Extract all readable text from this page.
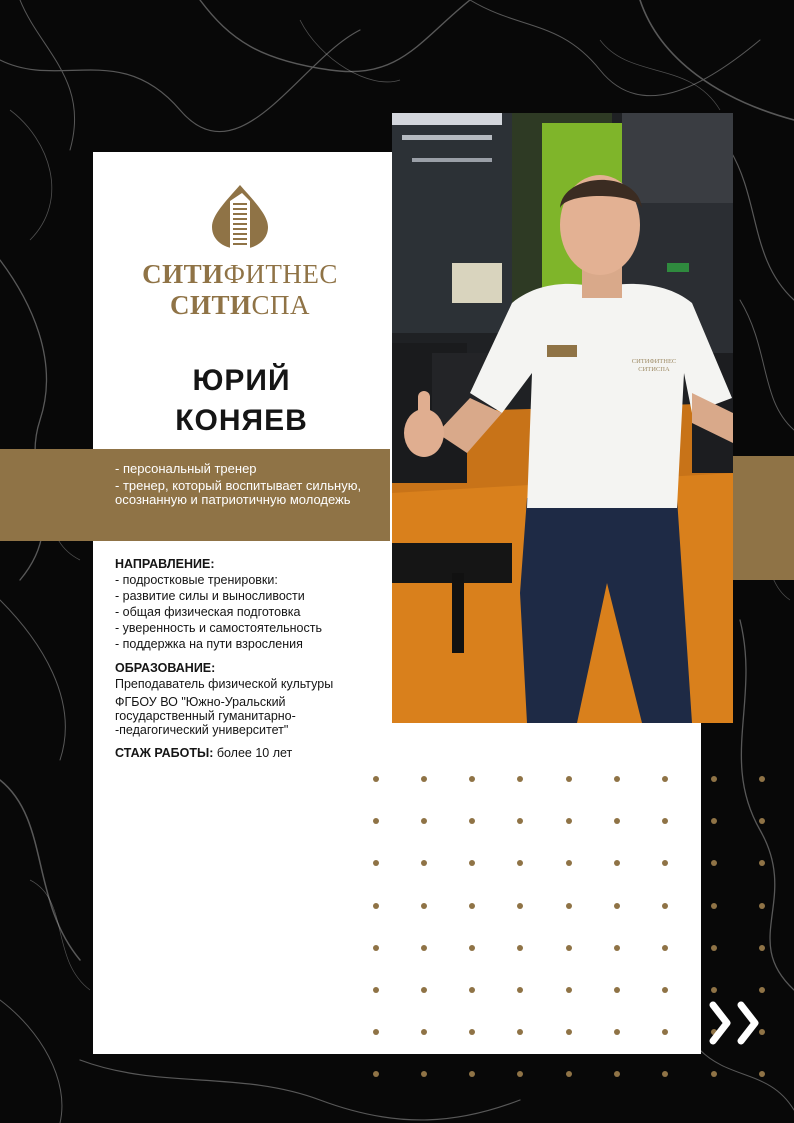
СИТИФИТНЕС
СИТИСПА
СИТИФИТНЕС
СИТИСПА
ЮРИЙ
КОНЯЕВ
- персональный тренер
- тренер, который воспитывает сильную, осознанную и патриотичную молодежь
НАПРАВЛЕНИЕ:
- подростковые тренировки:
- развитие силы и выносливости
- общая физическая подготовка
- уверенность и самостоятельность
- поддержка на пути взросления
ОБРАЗОВАНИЕ:
Преподаватель физической культуры
ФГБОУ ВО "Южно-Уральский
государственный гуманитарно-
-педагогический университет"
СТАЖ РАБОТЫ: более 10 лет
